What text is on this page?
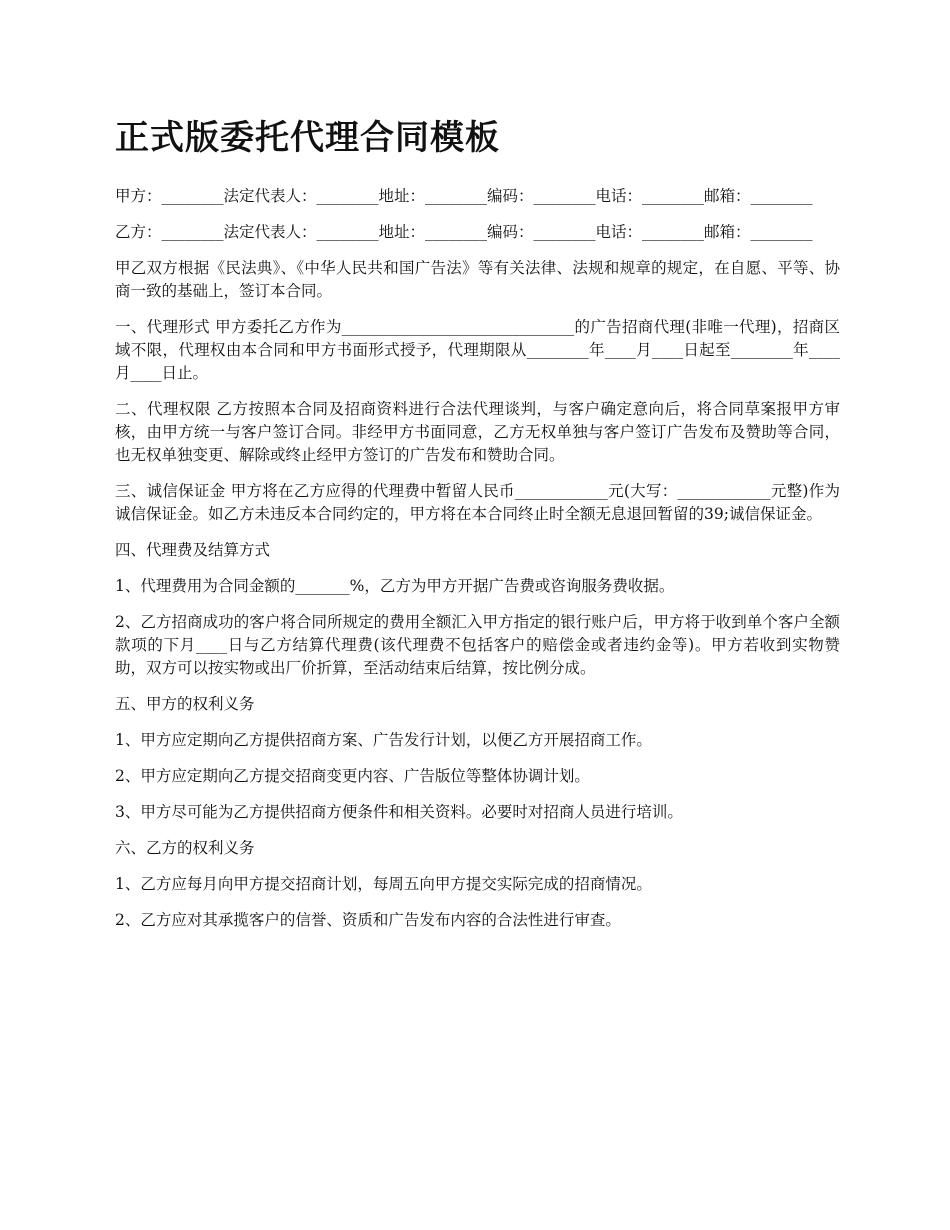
正式版委托代理合同模板

甲方：________法定代表人：________地址：________编码：________电话：________邮箱：________

乙方：________法定代表人：________地址：________编码：________电话：________邮箱：________

甲乙双方根据《民法典》、《中华人民共和国广告法》等有关法律、法规和规章的规定，在自愿、平等、协商一致的基础上，签订本合同。

一、代理形式 甲方委托乙方作为______________________________的广告招商代理(非唯一代理)，招商区域不限，代理权由本合同和甲方书面形式授予，代理期限从________年____月____日起至________年____月____日止。

二、代理权限 乙方按照本合同及招商资料进行合法代理谈判，与客户确定意向后，将合同草案报甲方审核，由甲方统一与客户签订合同。非经甲方书面同意，乙方无权单独与客户签订广告发布及赞助等合同，也无权单独变更、解除或终止经甲方签订的广告发布和赞助合同。

三、诚信保证金 甲方将在乙方应得的代理费中暂留人民币____________元(大写：____________元整)作为诚信保证金。如乙方未违反本合同约定的，甲方将在本合同终止时全额无息退回暂留的39;诚信保证金。

四、代理费及结算方式

1、代理费用为合同金额的_______%，乙方为甲方开据广告费或咨询服务费收据。

2、乙方招商成功的客户将合同所规定的费用全额汇入甲方指定的银行账户后，甲方将于收到单个客户全额款项的下月____日与乙方结算代理费(该代理费不包括客户的赔偿金或者违约金等)。甲方若收到实物赞助，双方可以按实物或出厂价折算，至活动结束后结算，按比例分成。

五、甲方的权利义务

1、甲方应定期向乙方提供招商方案、广告发行计划，以便乙方开展招商工作。

2、甲方应定期向乙方提交招商变更内容、广告版位等整体协调计划。

3、甲方尽可能为乙方提供招商方便条件和相关资料。必要时对招商人员进行培训。

六、乙方的权利义务

1、乙方应每月向甲方提交招商计划，每周五向甲方提交实际完成的招商情况。

2、乙方应对其承揽客户的信誉、资质和广告发布内容的合法性进行审查。
